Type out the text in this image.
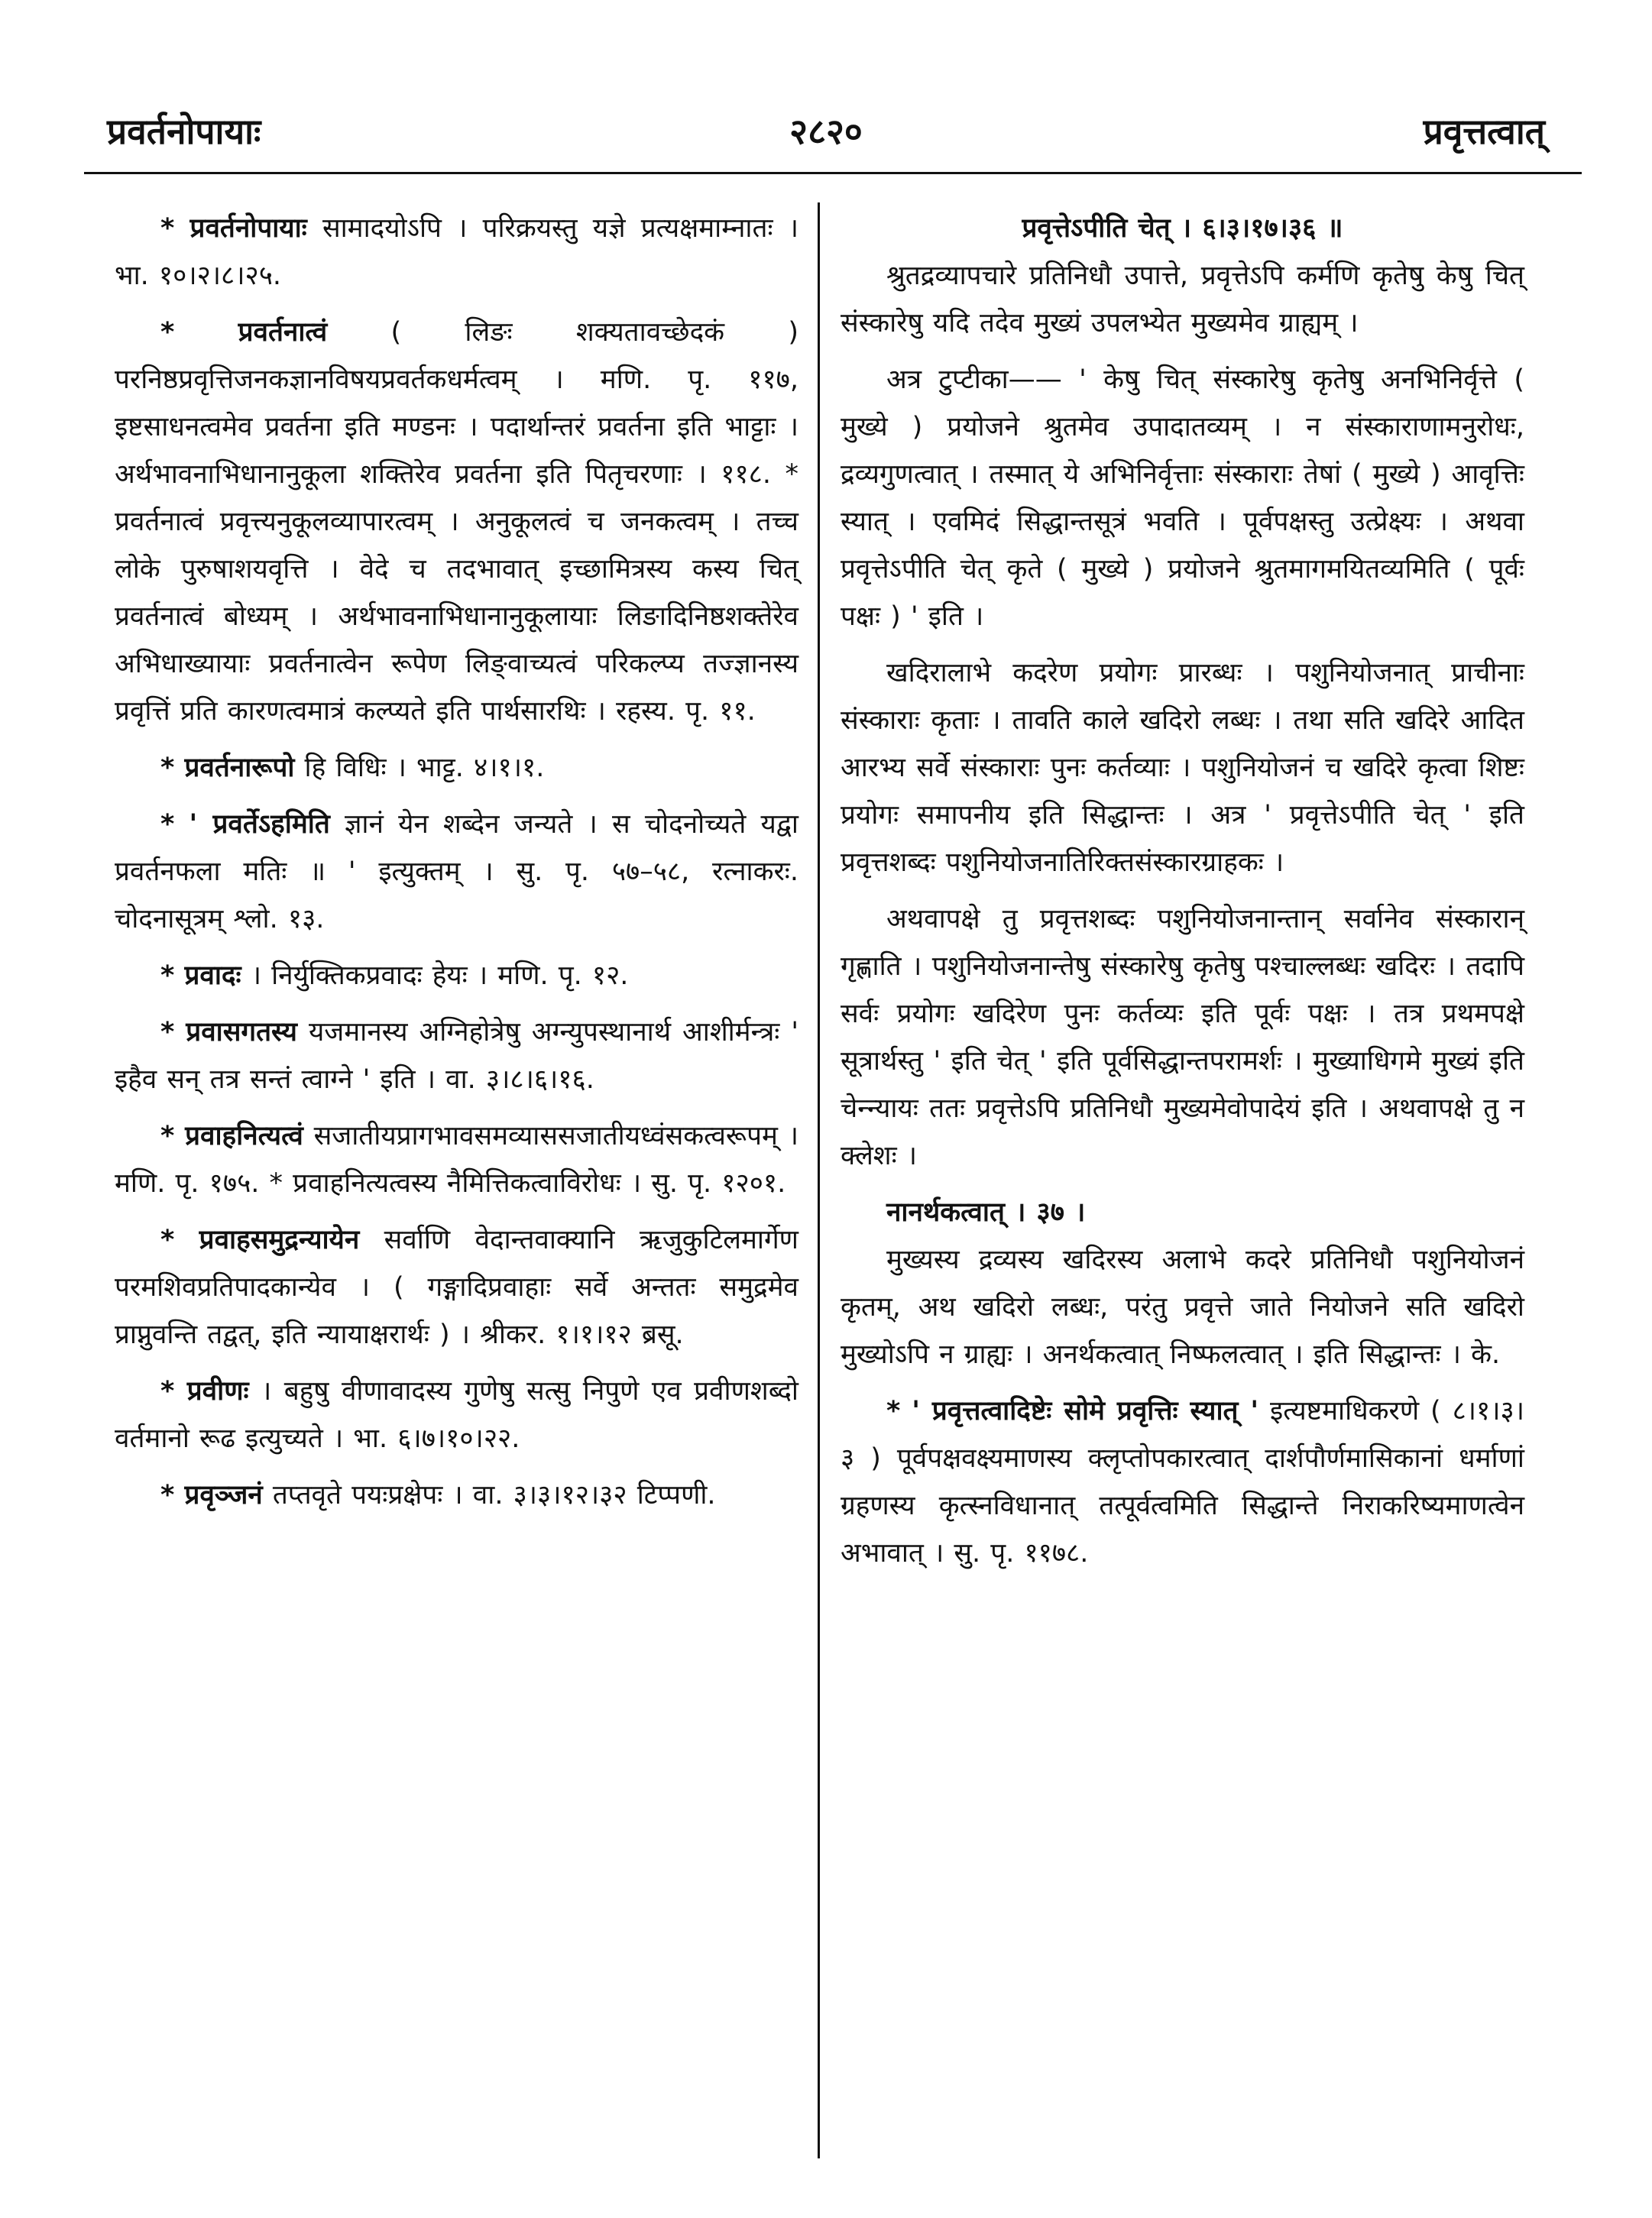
प्रवर्तनोपायाः	२८२०	प्रवृत्तत्वात्

* प्रवर्तनोपायाः सामादयोऽपि । परिक्रयस्तु यज्ञे प्रत्यक्षमाम्नातः । भा. १०।२।८।२५.

* प्रवर्तनात्वं ( लिङः शक्यतावच्छेदकं ) परनिष्ठप्रवृत्तिजनकज्ञानविषयप्रवर्तकधर्मत्वम् । मणि. पृ. ११७, इष्टसाधनत्वमेव प्रवर्तना इति मण्डनः । पदार्थान्तरं प्रवर्तना इति भाट्टाः । अर्थभावनाभिधानानुकूला शक्तिरेव प्रवर्तना इति पितृचरणाः । ११८. * प्रवर्तनात्वं प्रवृत्त्यनुकूलव्यापारत्वम् । अनुकूलत्वं च जनकत्वम् । तच्च लोके पुरुषाशयवृत्ति । वेदे च तदभावात् इच्छामित्रस्य कस्य चित् प्रवर्तनात्वं बोध्यम् । अर्थभावनाभिधानानुकूलायाः लिङादिनिष्ठशक्तेरेव अभिधाख्यायाः प्रवर्तनात्वेन रूपेण लिङ्वाच्यत्वं परिकल्प्य तज्ज्ञानस्य प्रवृत्तिं प्रति कारणत्वमात्रं कल्प्यते इति पार्थसारथिः । रहस्य. पृ. ११.

* प्रवर्तनारूपो हि विधिः । भाट्ट. ४।१।१.

* ' प्रवर्तेऽहमिति ज्ञानं येन शब्देन जन्यते । स चोदनोच्यते यद्वा प्रवर्तनफला मतिः ॥ ' इत्युक्तम् । सु. पृ. ५७–५८, रत्नाकरः. चोदनासूत्रम् श्लो. १३.

* प्रवादः । निर्युक्तिकप्रवादः हेयः । मणि. पृ. १२.

* प्रवासगतस्य यजमानस्य अग्निहोत्रेषु अग्न्युपस्थानार्थ आशीर्मन्त्रः ' इहैव सन् तत्र सन्तं त्वाग्ने ' इति । वा. ३।८।६।१६.

* प्रवाहनित्यत्वं सजातीयप्रागभावसमव्याससजातीयध्वंसकत्वरूपम् । मणि. पृ. १७५. * प्रवाहनित्यत्वस्य नैमित्तिकत्वाविरोधः । सु. पृ. १२०१.

* प्रवाहसमुद्रन्यायेन सर्वाणि वेदान्तवाक्यानि ऋजुकुटिलमार्गेण परमशिवप्रतिपादकान्येव । ( गङ्गादिप्रवाहाः सर्वे अन्ततः समुद्रमेव प्राप्नुवन्ति तद्वत्, इति न्यायाक्षरार्थः ) । श्रीकर. १।१।१२ ब्रसू.

* प्रवीणः । बहुषु वीणावादस्य गुणेषु सत्सु निपुणे एव प्रवीणशब्दो वर्तमानो रूढ इत्युच्यते । भा. ६।७।१०।२२.

* प्रवृञ्जनं तप्तवृते पयःप्रक्षेपः । वा. ३।३।१२।३२ टिप्पणी.

प्रवृत्तेऽपीति चेत् । ६।३।१७।३६ ॥

श्रुतद्रव्यापचारे प्रतिनिधौ उपात्ते, प्रवृत्तेऽपि कर्मणि कृतेषु केषु चित् संस्कारेषु यदि तदेव मुख्यं उपलभ्येत मुख्यमेव ग्राह्यम् ।

अत्र टुप्टीका—— ' केषु चित् संस्कारेषु कृतेषु अनभिनिर्वृत्ते ( मुख्ये ) प्रयोजने श्रुतमेव उपादातव्यम् । न संस्काराणामनुरोधः, द्रव्यगुणत्वात् । तस्मात् ये अभिनिर्वृत्ताः संस्काराः तेषां ( मुख्ये ) आवृत्तिः स्यात् । एवमिदं सिद्धान्तसूत्रं भवति । पूर्वपक्षस्तु उत्प्रेक्ष्यः । अथवा प्रवृत्तेऽपीति चेत् कृते ( मुख्ये ) प्रयोजने श्रुतमागमयितव्यमिति ( पूर्वः पक्षः ) ' इति ।

खदिरालाभे कदरेण प्रयोगः प्रारब्धः । पशुनियोजनात् प्राचीनाः संस्काराः कृताः । तावति काले खदिरो लब्धः । तथा सति खदिरे आदित आरभ्य सर्वे संस्काराः पुनः कर्तव्याः । पशुनियोजनं च खदिरे कृत्वा शिष्टः प्रयोगः समापनीय इति सिद्धान्तः । अत्र ' प्रवृत्तेऽपीति चेत् ' इति प्रवृत्तशब्दः पशुनियोजनातिरिक्तसंस्कारग्राहकः ।

अथवापक्षे तु प्रवृत्तशब्दः पशुनियोजनान्तान् सर्वानेव संस्कारान् गृह्णाति । पशुनियोजनान्तेषु संस्कारेषु कृतेषु पश्चाल्लब्धः खदिरः । तदापि सर्वः प्रयोगः खदिरेण पुनः कर्तव्यः इति पूर्वः पक्षः । तत्र प्रथमपक्षे सूत्रार्थस्तु ' इति चेत् ' इति पूर्वसिद्धान्तपरामर्शः । मुख्याधिगमे मुख्यं इति चेन्न्यायः ततः प्रवृत्तेऽपि प्रतिनिधौ मुख्यमेवोपादेयं इति । अथवापक्षे तु न क्लेशः ।

नानर्थकत्वात् । ३७ ।

मुख्यस्य द्रव्यस्य खदिरस्य अलाभे कदरे प्रतिनिधौ पशुनियोजनं कृतम्, अथ खदिरो लब्धः, परंतु प्रवृत्ते जाते नियोजने सति खदिरो मुख्योऽपि न ग्राह्यः । अनर्थकत्वात् निष्फलत्वात् । इति सिद्धान्तः । के.

* ' प्रवृत्तत्वादिष्टेः सोमे प्रवृत्तिः स्यात् ' इत्यष्टमाधिकरणे ( ८।१।३।३ ) पूर्वपक्षवक्ष्यमाणस्य क्लृप्तोपकारत्वात् दार्शपौर्णमासिकानां धर्माणां ग्रहणस्य कृत्स्नविधानात् तत्पूर्वत्वमिति सिद्धान्ते निराकरिष्यमाणत्वेन अभावात् । सु. पृ. ११७८.
